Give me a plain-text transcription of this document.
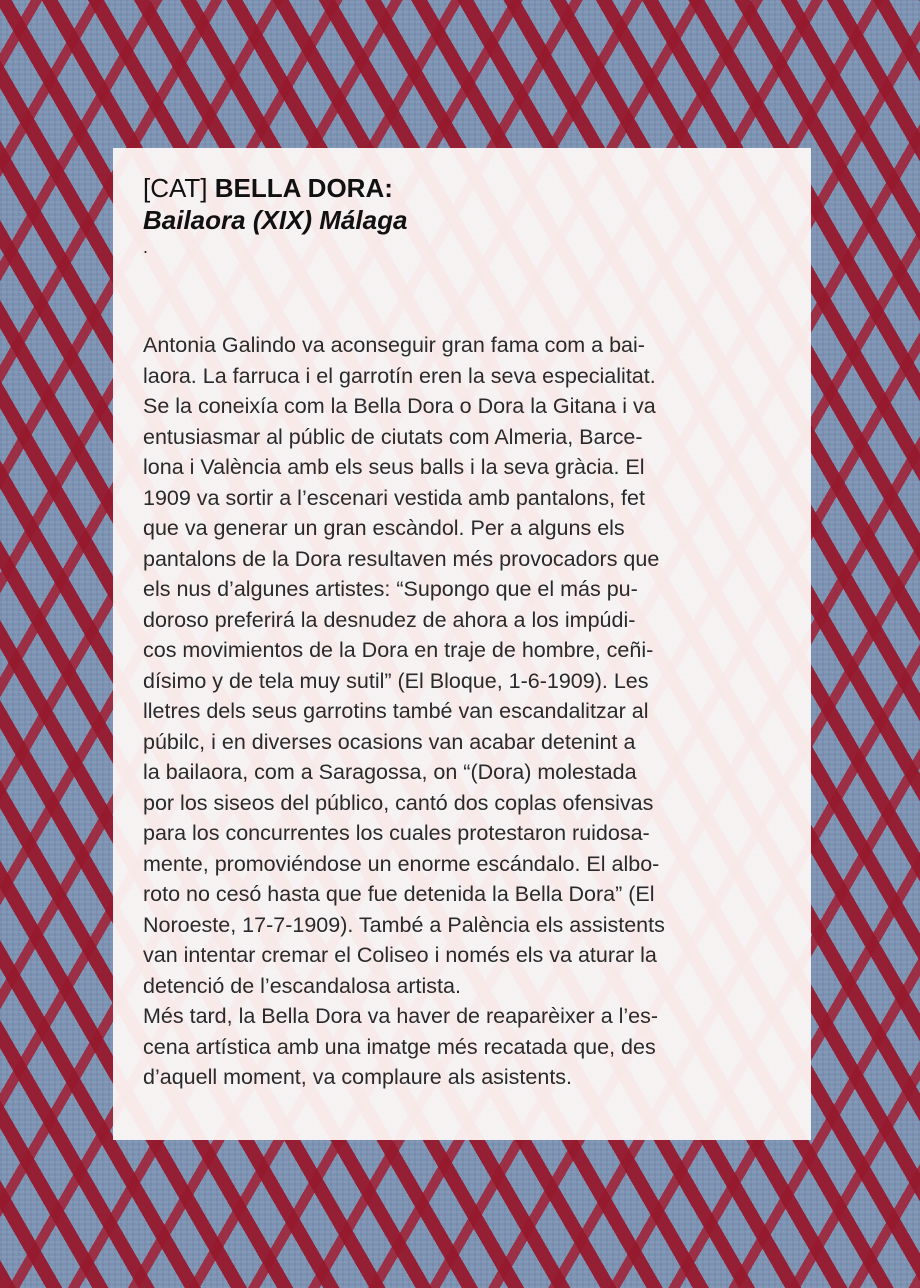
[CAT] BELLA DORA:

Bailaora (XIX) Málaga

.

Antonia Galindo va aconseguir gran fama com a bai-
laora. La farruca i el garrotín eren la seva especialitat.
Se la coneixía com la Bella Dora o Dora la Gitana i va
entusiasmar al públic de ciutats com Almeria, Barce-
lona i València amb els seus balls i la seva gràcia. El
1909 va sortir a l’escenari vestida amb pantalons, fet
que va generar un gran escàndol. Per a alguns els
pantalons de la Dora resultaven més provocadors que
els nus d’algunes artistes: “Supongo que el más pu-
doroso preferirá la desnudez de ahora a los impúdi-
cos movimientos de la Dora en traje de hombre, ceñi-
dísimo y de tela muy sutil” (El Bloque, 1-6-1909). Les
lletres dels seus garrotins també van escandalitzar al
púbilc, i en diverses ocasions van acabar detenint a
la bailaora, com a Saragossa, on “(Dora) molestada
por los siseos del público, cantó dos coplas ofensivas
para los concurrentes los cuales protestaron ruidosa-
mente, promoviéndose un enorme escándalo. El albo-
roto no cesó hasta que fue detenida la Bella Dora” (El
Noroeste, 17-7-1909). També a Palència els assistents
van intentar cremar el Coliseo i només els va aturar la
detenció de l’escandalosa artista.
Més tard, la Bella Dora va haver de reaparèixer a l’es-
cena artística amb una imatge més recatada que, des
d’aquell moment, va complaure als asistents.
